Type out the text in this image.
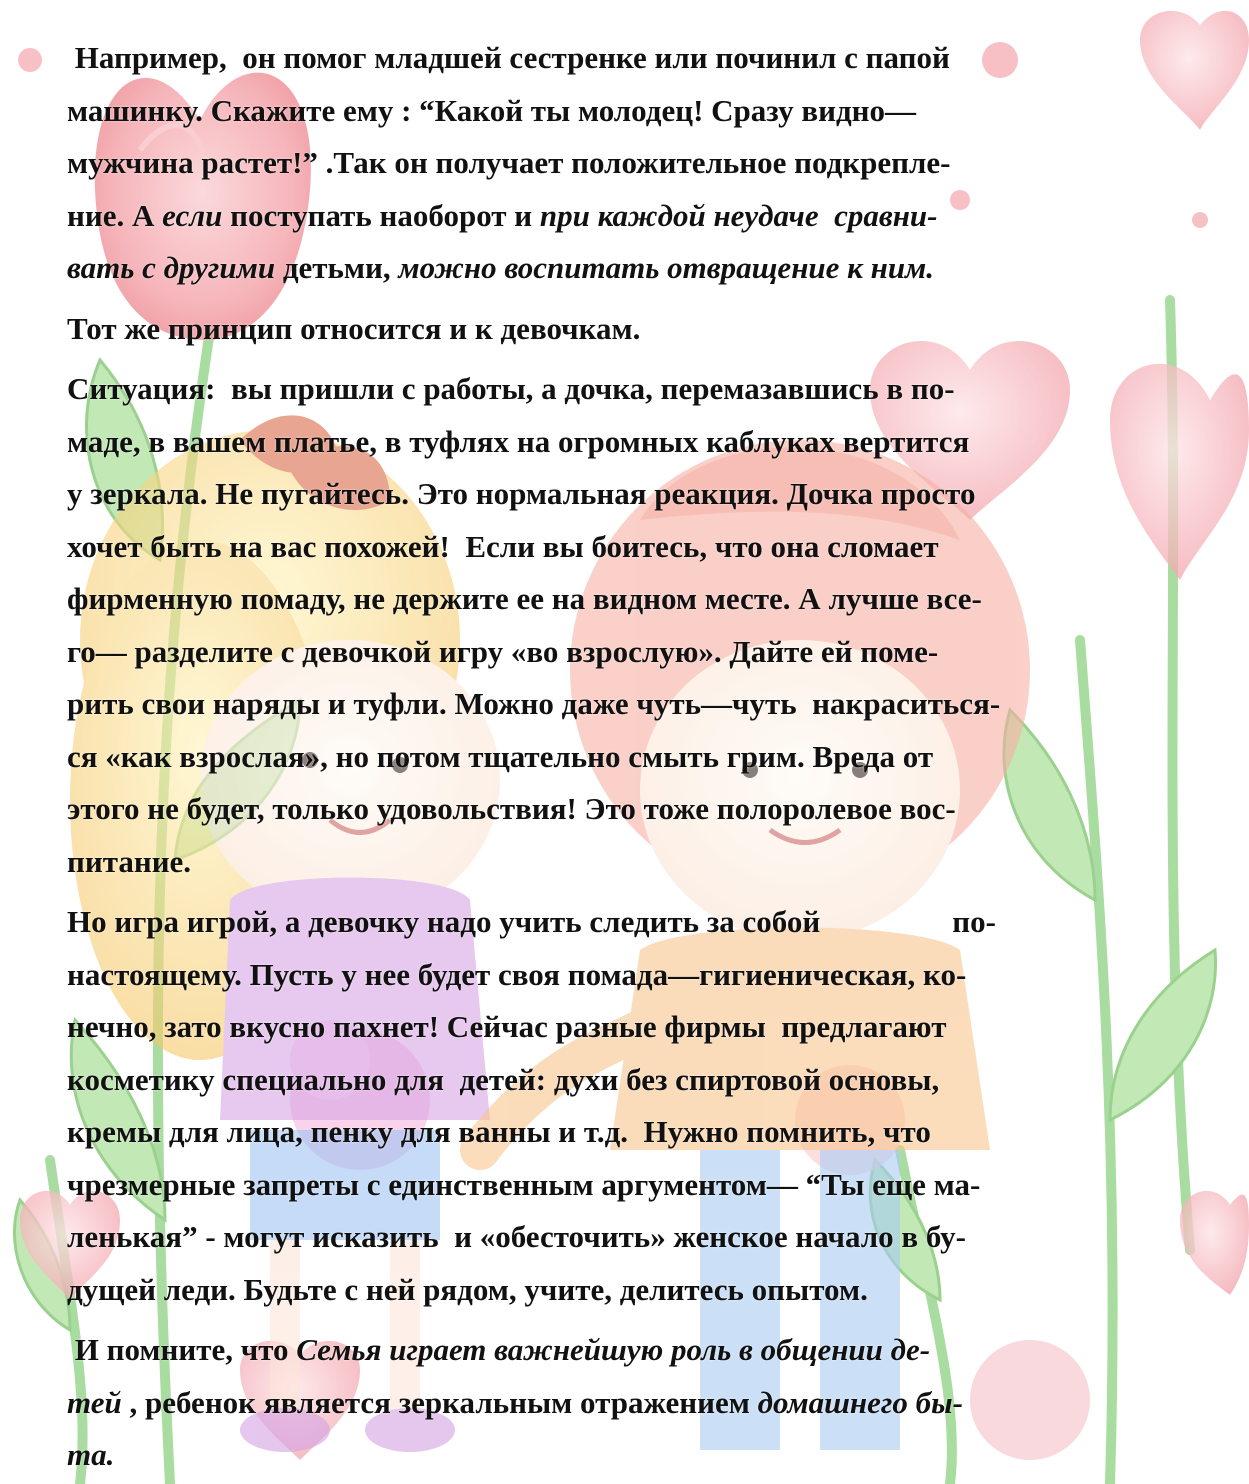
Например,  он помог младшей сестренке или починил с папой

машинку. Скажите ему : “Какой ты молодец! Сразу видно—

мужчина растет!” .Так он получает положительное подкрепле-

ние. А если поступать наоборот и при каждой неудаче  сравни-

вать с другими детьми, можно воспитать отвращение к ним.

Тот же принцип относится и к девочкам.

Ситуация:  вы пришли с работы, а дочка, перемазавшись в по-

маде, в вашем платье, в туфлях на огромных каблуках вертится

у зеркала. Не пугайтесь. Это нормальная реакция. Дочка просто

хочет быть на вас похожей!  Если вы боитесь, что она сломает

фирменную помаду, не держите ее на видном месте. А лучше все-

го— разделите с девочкой игру «во взрослую». Дайте ей поме-

рить свои наряды и туфли. Можно даже чуть—чуть  накраситься-

ся «как взрослая», но потом тщательно смыть грим. Вреда от

этого не будет, только удовольствия! Это тоже полоролевое вос-

питание.

Но игра игрой, а девочку надо учить следить за собой	по-

настоящему. Пусть у нее будет своя помада—гигиеническая, ко-

нечно, зато вкусно пахнет! Сейчас разные фирмы  предлагают

косметику специально для  детей: духи без спиртовой основы,

кремы для лица, пенку для ванны и т.д.  Нужно помнить, что

чрезмерные запреты с единственным аргументом— “Ты еще ма-

ленькая” - могут исказить  и «обесточить» женское начало в бу-

дущей леди. Будьте с ней рядом, учите, делитесь опытом.

И помните, что Семья играет важнейшую роль в общении де-

тей , ребенок является зеркальным отражением домашнего бы-

та.
